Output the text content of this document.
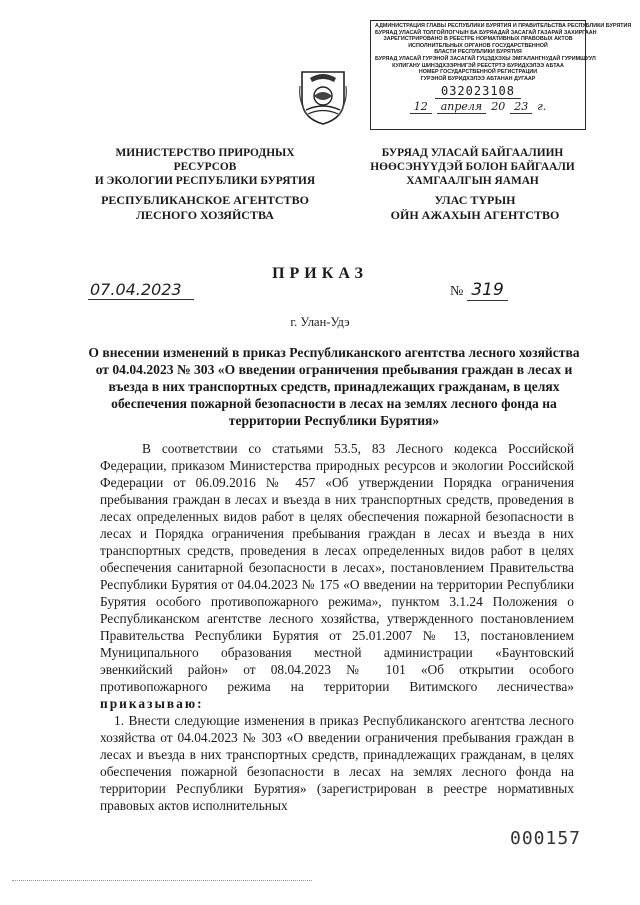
АДМИНИСТРАЦИЯ ГЛАВЫ РЕСПУБЛИКИ БУРЯТИЯ И ПРАВИТЕЛЬСТВА РЕСПУБЛИКИ БУРЯТИЯ
БУРЯАД УЛАСАЙ ТОЛГОЙЛОГЧЫН БА БУРЯАДАЙ ЗАСАГАЙ ГАЗАРАЙ ЗАХИРГААН
ЗАРЕГИСТРИРОВАНО В РЕЕСТРЕ НОРМАТИВНЫХ ПРАВОВЫХ АКТОВ
ИСПОЛНИТЕЛЬНЫХ ОРГАНОВ ГОСУДАРСТВЕННОЙ
ВЛАСТИ РЕСПУБЛИКИ БУРЯТИЯ
БУРЯАД УЛАСАЙ ГУРЭНОЙ ЗАСАГАЙ ГУЦЭДХЭХЫ ЭМГАЛАНГНУДАЙ ГУРИМШУУЛ
КУЛИГАНУ ШИНЭДХЭЭРНИГЭЙ РЕЕСТРТЭ БУРИДХЭЛЭЭ АБТАА
НОМЕР ГОСУДАРСТВЕННОЙ РЕГИСТРАЦИИ
ГУРЭНОЙ БУРИДХЭЛЭЭ АБТАНАН ДУГААР
032023108
12	апреля 20 23 г.
МИНИСТЕРСТВО ПРИРОДНЫХ РЕСУРСОВ
И ЭКОЛОГИИ РЕСПУБЛИКИ БУРЯТИЯ
БУРЯАД УЛАСАЙ БАЙГААЛИИН
НӨӨСЭНҮҮДЭЙ БОЛОН БАЙГААЛИ
ХАМГААЛГЫН ЯАМАН
РЕСПУБЛИКАНСКОЕ АГЕНТСТВО
ЛЕСНОГО ХОЗЯЙСТВА
УЛАС ТҮРЫН
ОЙН АЖАХЫН АГЕНТСТВО
ПРИКАЗ
07.04.2023	№ 319
г. Улан-Удэ
О внесении изменений в приказ Республиканского агентства лесного хозяйства от 04.04.2023 № 303 «О введении ограничения пребывания граждан в лесах и въезда в них транспортных средств, принадлежащих гражданам, в целях обеспечения пожарной безопасности в лесах на землях лесного фонда на территории Республики Бурятия»

В соответствии со статьями 53.5, 83 Лесного кодекса Российской Федерации, приказом Министерства природных ресурсов и экологии Российской Федерации от 06.09.2016 № 457 «Об утверждении Порядка ограничения пребывания граждан в лесах и въезда в них транспортных средств, проведения в лесах определенных видов работ в целях обеспечения пожарной безопасности в лесах и Порядка ограничения пребывания граждан в лесах и въезда в них транспортных средств, проведения в лесах определенных видов работ в целях обеспечения санитарной безопасности в лесах», постановлением Правительства Республики Бурятия от 04.04.2023 № 175 «О введении на территории Республики Бурятия особого противопожарного режима», пунктом 3.1.24 Положения о Республиканском агентстве лесного хозяйства, утвержденного постановлением Правительства Республики Бурятия от 25.01.2007 № 13, постановлением Муниципального образования местной администрации «Баунтовский эвенкийский район» от 08.04.2023 № 101 «Об открытии особого противопожарного режима на территории Витимского лесничества» приказываю:

1. Внести следующие изменения в приказ Республиканского агентства лесного хозяйства от 04.04.2023 № 303 «О введении ограничения пребывания граждан в лесах и въезда в них транспортных средств, принадлежащих гражданам, в целях обеспечения пожарной безопасности в лесах на землях лесного фонда на территории Республики Бурятия» (зарегистрирован в реестре нормативных правовых актов исполнительных

000157
